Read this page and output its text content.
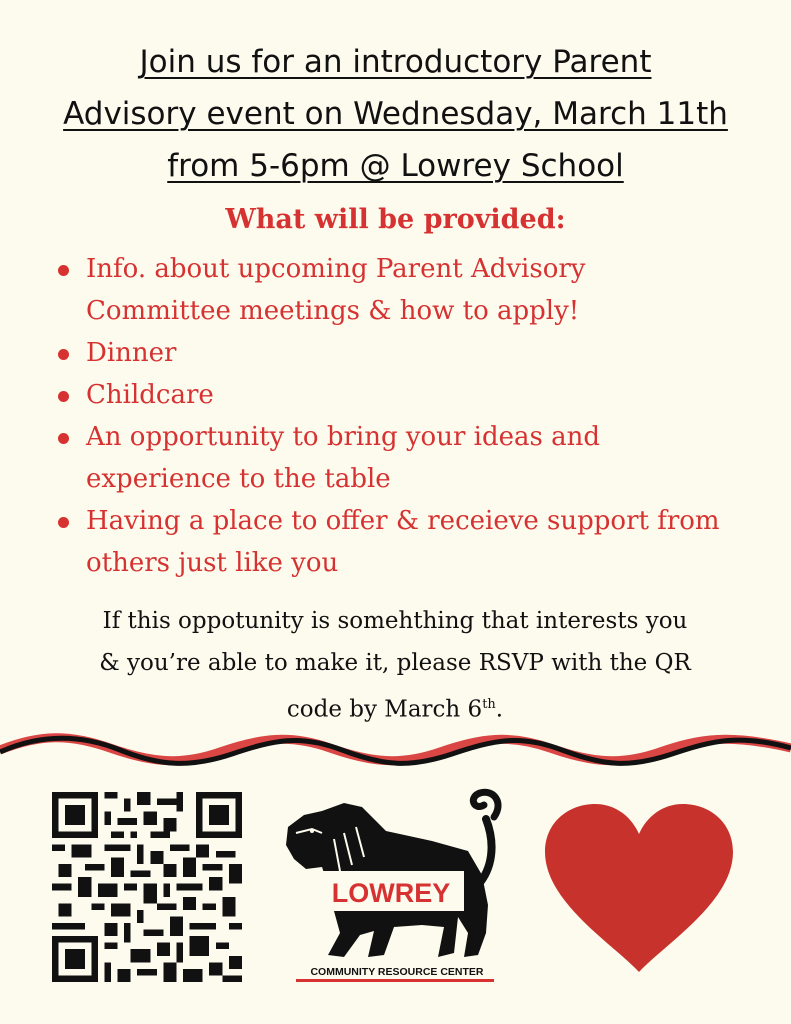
Join us for an introductory Parent
Advisory event on Wednesday, March 11th
from 5-6pm @ Lowrey School
What will be provided:
Info. about upcoming Parent Advisory
Committee meetings & how to apply!
Dinner
Childcare
An opportunity to bring your ideas and
experience to the table
Having a place to offer & receieve support from
others just like you
If this oppotunity is somehthing that interests you
& you’re able to make it, please RSVP with the QR
code by March 6th.
LOWREY
COMMUNITY RESOURCE CENTER
